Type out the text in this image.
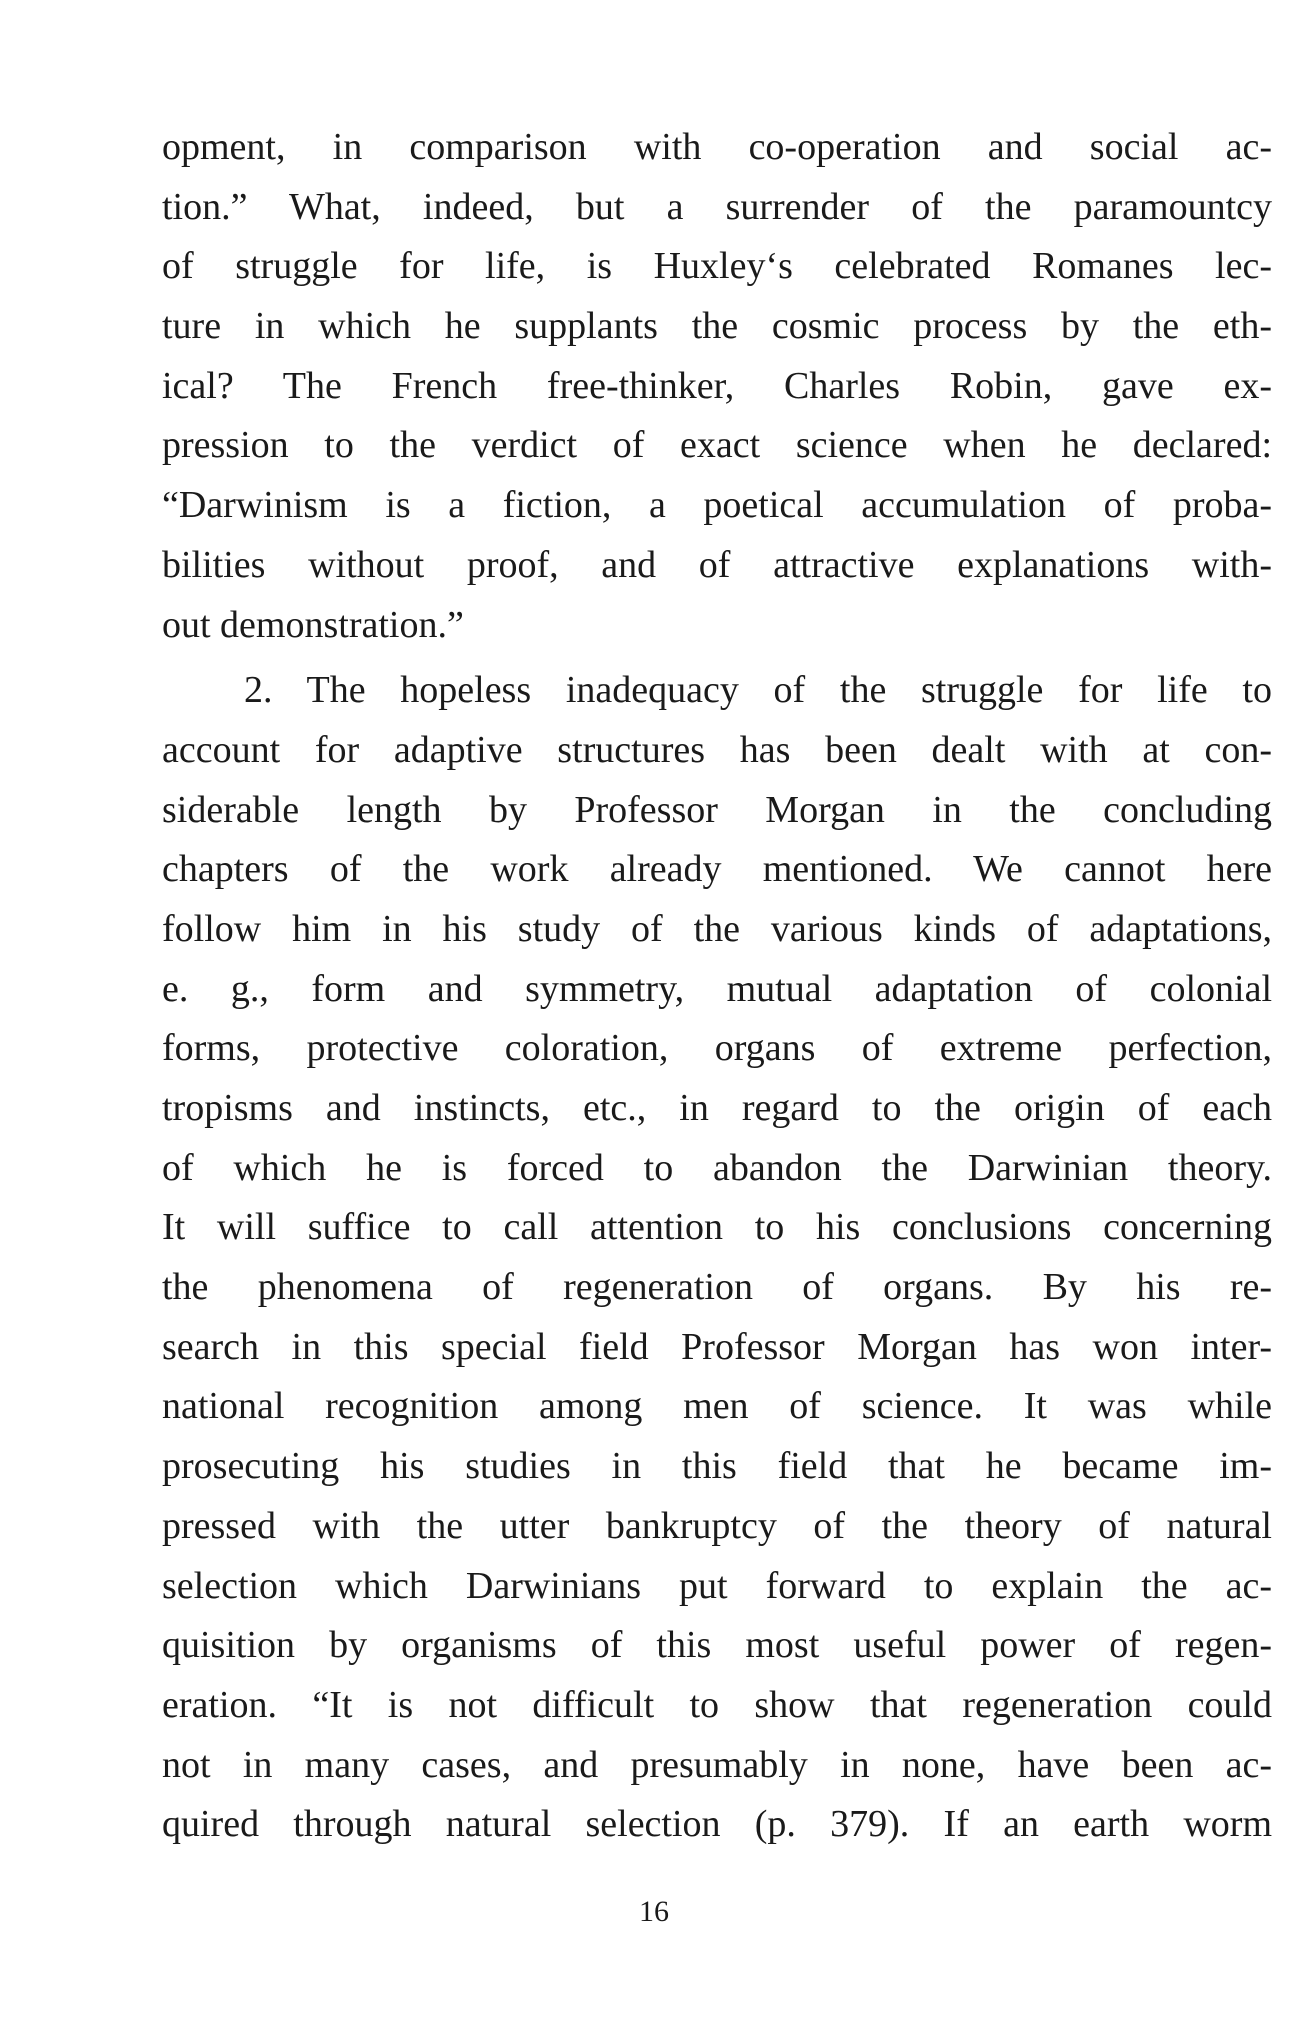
opment, in comparison with co-operation and social ac-
tion.” What, indeed, but a surrender of the paramountcy
of struggle for life, is Huxley‘s celebrated Romanes lec-
ture in which he supplants the cosmic process by the eth-
ical? The French free-thinker, Charles Robin, gave ex-
pression to the verdict of exact science when he declared:
“Darwinism is a fiction, a poetical accumulation of proba-
bilities without proof, and of attractive explanations with-
out demonstration.”
2. The hopeless inadequacy of the struggle for life to
account for adaptive structures has been dealt with at con-
siderable length by Professor Morgan in the concluding
chapters of the work already mentioned. We cannot here
follow him in his study of the various kinds of adaptations,
e. g., form and symmetry, mutual adaptation of colonial
forms, protective coloration, organs of extreme perfection,
tropisms and instincts, etc., in regard to the origin of each
of which he is forced to abandon the Darwinian theory.
It will suffice to call attention to his conclusions concerning
the phenomena of regeneration of organs. By his re-
search in this special field Professor Morgan has won inter-
national recognition among men of science. It was while
prosecuting his studies in this field that he became im-
pressed with the utter bankruptcy of the theory of natural
selection which Darwinians put forward to explain the ac-
quisition by organisms of this most useful power of regen-
eration. “It is not difficult to show that regeneration could
not in many cases, and presumably in none, have been ac-
quired through natural selection (p. 379). If an earth worm
16
